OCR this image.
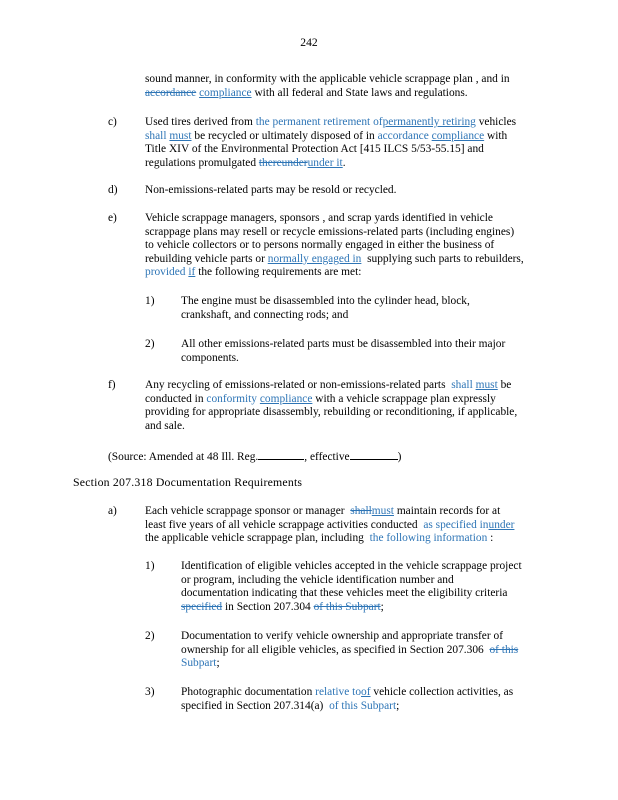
242
sound manner, in conformity with the applicable vehicle scrappage plan , and in
accordance compliance with all federal and State laws and regulations.
c) Used tires derived from the permanent retirement ofpermanently retiring vehicles
shall must be recycled or ultimately disposed of in accordance compliance with
Title XIV of the Environmental Protection Act [415 ILCS 5/53-55.15] and
regulations promulgated thereunderunder it.
d) Non-emissions-related parts may be resold or recycled.
e) Vehicle scrappage managers, sponsors , and scrap yards identified in vehicle
scrappage plans may resell or recycle emissions-related parts (including engines)
to vehicle collectors or to persons normally engaged in either the business of
rebuilding vehicle parts or normally engaged in supplying such parts to rebuilders,
provided if the following requirements are met:
1) The engine must be disassembled into the cylinder head, block,
crankshaft, and connecting rods; and
2) All other emissions-related parts must be disassembled into their major
components.
f)	Any recycling of emissions-related or non-emissions-related parts shall must be
conducted in conformity compliance with a vehicle scrappage plan expressly
providing for appropriate disassembly, rebuilding or reconditioning, if applicable,
and sale.
(Source: Amended at 48 Ill. Reg.	, effective	)
Section 207.318 Documentation Requirements
a) Each vehicle scrappage sponsor or manager shallmust maintain records for at
least five years of all vehicle scrappage activities conducted as specified inunder
the applicable vehicle scrappage plan, including the following information :
1) Identification of eligible vehicles accepted in the vehicle scrappage project
or program, including the vehicle identification number and
documentation indicating that these vehicles meet the eligibility criteria
specified in Section 207.304 of this Subpart;
2) Documentation to verify vehicle ownership and appropriate transfer of
ownership for all eligible vehicles, as specified in Section 207.306 of this
Subpart;
3) Photographic documentation relative toof vehicle collection activities, as
specified in Section 207.314(a) of this Subpart;
